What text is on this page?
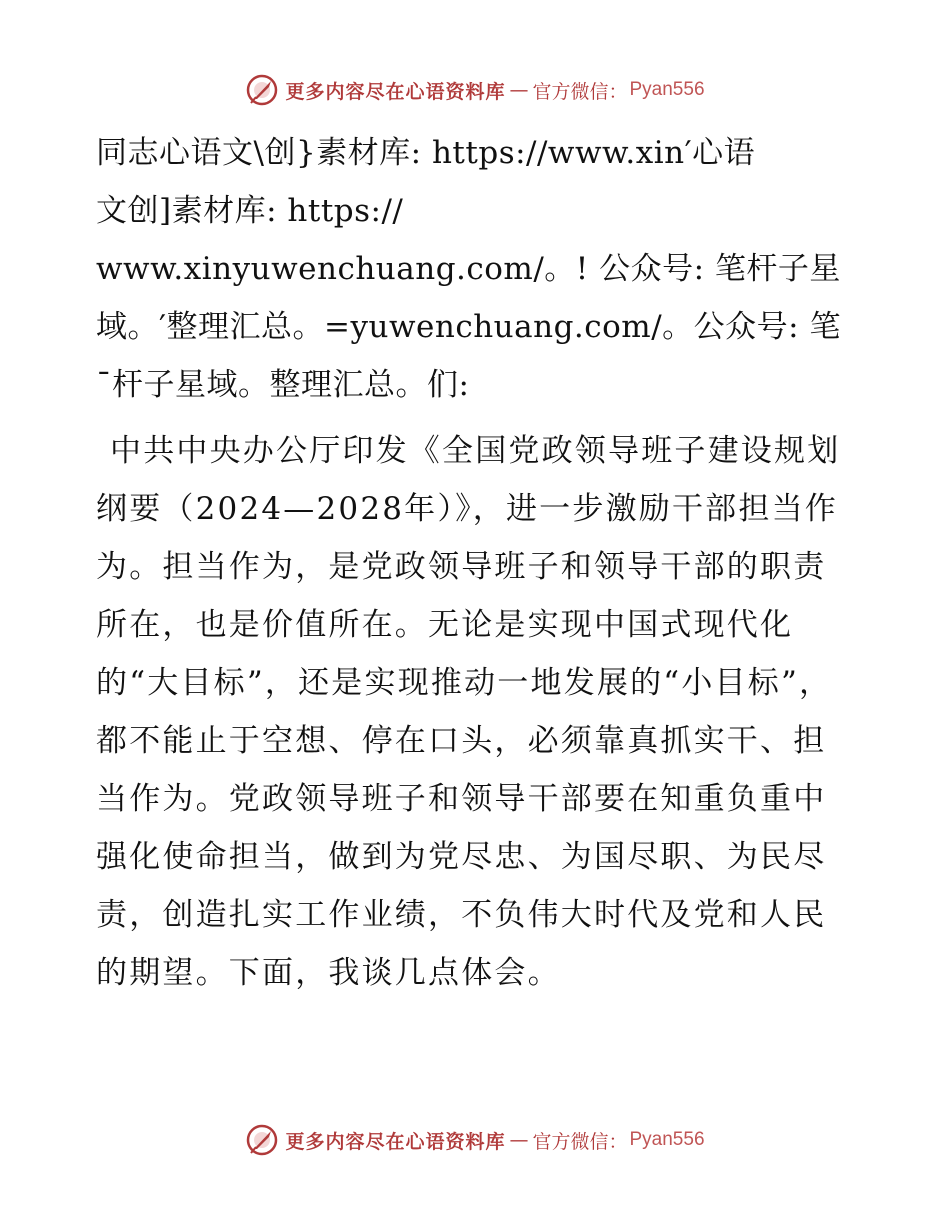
更多内容尽在心语资料库 — 官方微信： Pyan556

同志心语文\创}素材库: https://www.xin′心语
文创]素材库: https://
www.xinyuwenchuang.com/。! 公众号: 笔杆子星
域。′整理汇总。=yuwenchuang.com/。公众号: 笔
¯杆子星域。整理汇总。们:

中共中央办公厅印发《全国党政领导班子建设规划纲要（2024—2028年）》，进一步激励干部担当作为。担当作为，是党政领导班子和领导干部的职责所在，也是价值所在。无论是实现中国式现代化的“大目标”，还是实现推动一地发展的“小目标”，都不能止于空想、停在口头，必须靠真抓实干、担当作为。党政领导班子和领导干部要在知重负重中强化使命担当，做到为党尽忠、为国尽职、为民尽责，创造扎实工作业绩，不负伟大时代及党和人民的期望。下面，我谈几点体会。

更多内容尽在心语资料库 — 官方微信： Pyan556
